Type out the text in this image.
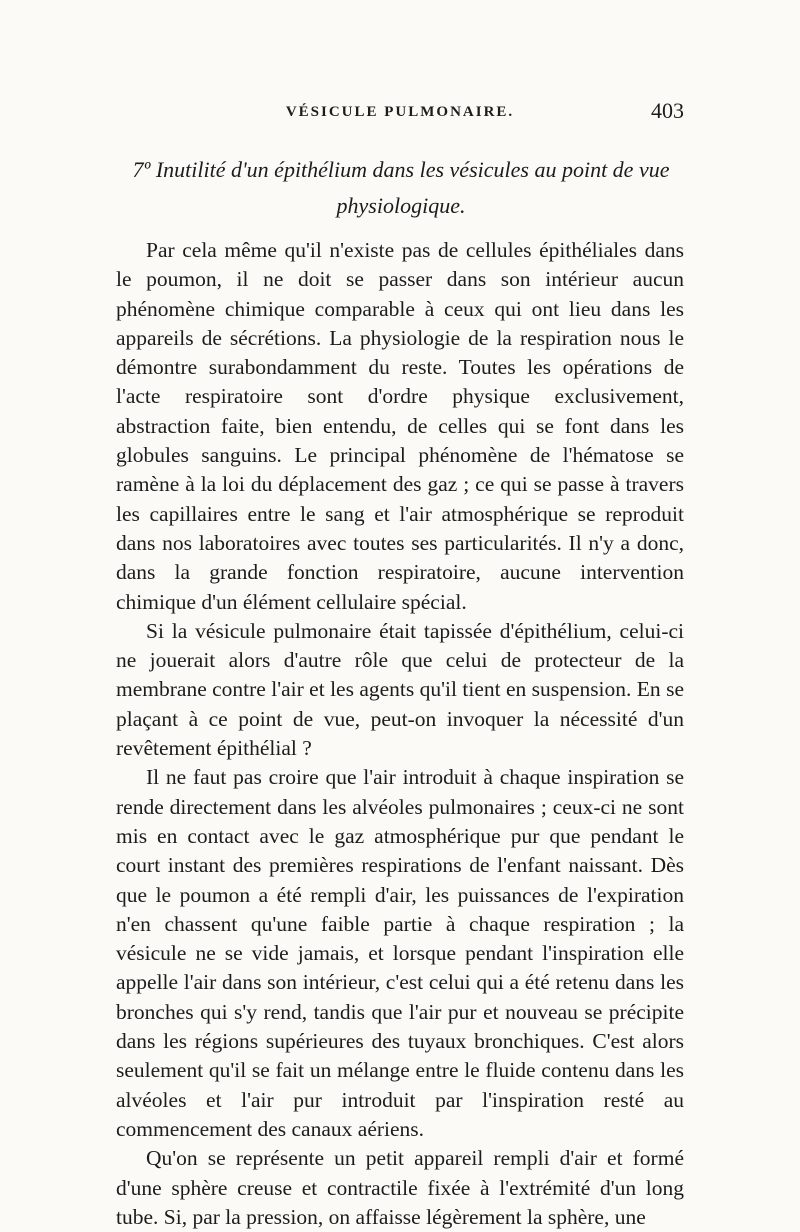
VÉSICULE PULMONAIRE.	403
7º Inutilité d'un épithélium dans les vésicules au point de vue physiologique.

Par cela même qu'il n'existe pas de cellules épithéliales dans le poumon, il ne doit se passer dans son intérieur aucun phénomène chimique comparable à ceux qui ont lieu dans les appareils de sécrétions. La physiologie de la respiration nous le démontre surabondamment du reste. Toutes les opérations de l'acte respiratoire sont d'ordre physique exclusivement, abstraction faite, bien entendu, de celles qui se font dans les globules sanguins. Le principal phénomène de l'hématose se ramène à la loi du déplacement des gaz ; ce qui se passe à travers les capillaires entre le sang et l'air atmosphérique se reproduit dans nos laboratoires avec toutes ses particularités. Il n'y a donc, dans la grande fonction respiratoire, aucune intervention chimique d'un élément cellulaire spécial.

Si la vésicule pulmonaire était tapissée d'épithélium, celui-ci ne jouerait alors d'autre rôle que celui de protecteur de la membrane contre l'air et les agents qu'il tient en suspension. En se plaçant à ce point de vue, peut-on invoquer la nécessité d'un revêtement épithélial ?

Il ne faut pas croire que l'air introduit à chaque inspiration se rende directement dans les alvéoles pulmonaires ; ceux-ci ne sont mis en contact avec le gaz atmosphérique pur que pendant le court instant des premières respirations de l'enfant naissant. Dès que le poumon a été rempli d'air, les puissances de l'expiration n'en chassent qu'une faible partie à chaque respiration ; la vésicule ne se vide jamais, et lorsque pendant l'inspiration elle appelle l'air dans son intérieur, c'est celui qui a été retenu dans les bronches qui s'y rend, tandis que l'air pur et nouveau se précipite dans les régions supérieures des tuyaux bronchiques. C'est alors seulement qu'il se fait un mélange entre le fluide contenu dans les alvéoles et l'air pur introduit par l'inspiration resté au commencement des canaux aériens.

Qu'on se représente un petit appareil rempli d'air et formé d'une sphère creuse et contractile fixée à l'extrémité d'un long tube. Si, par la pression, on affaisse légèrement la sphère, une
